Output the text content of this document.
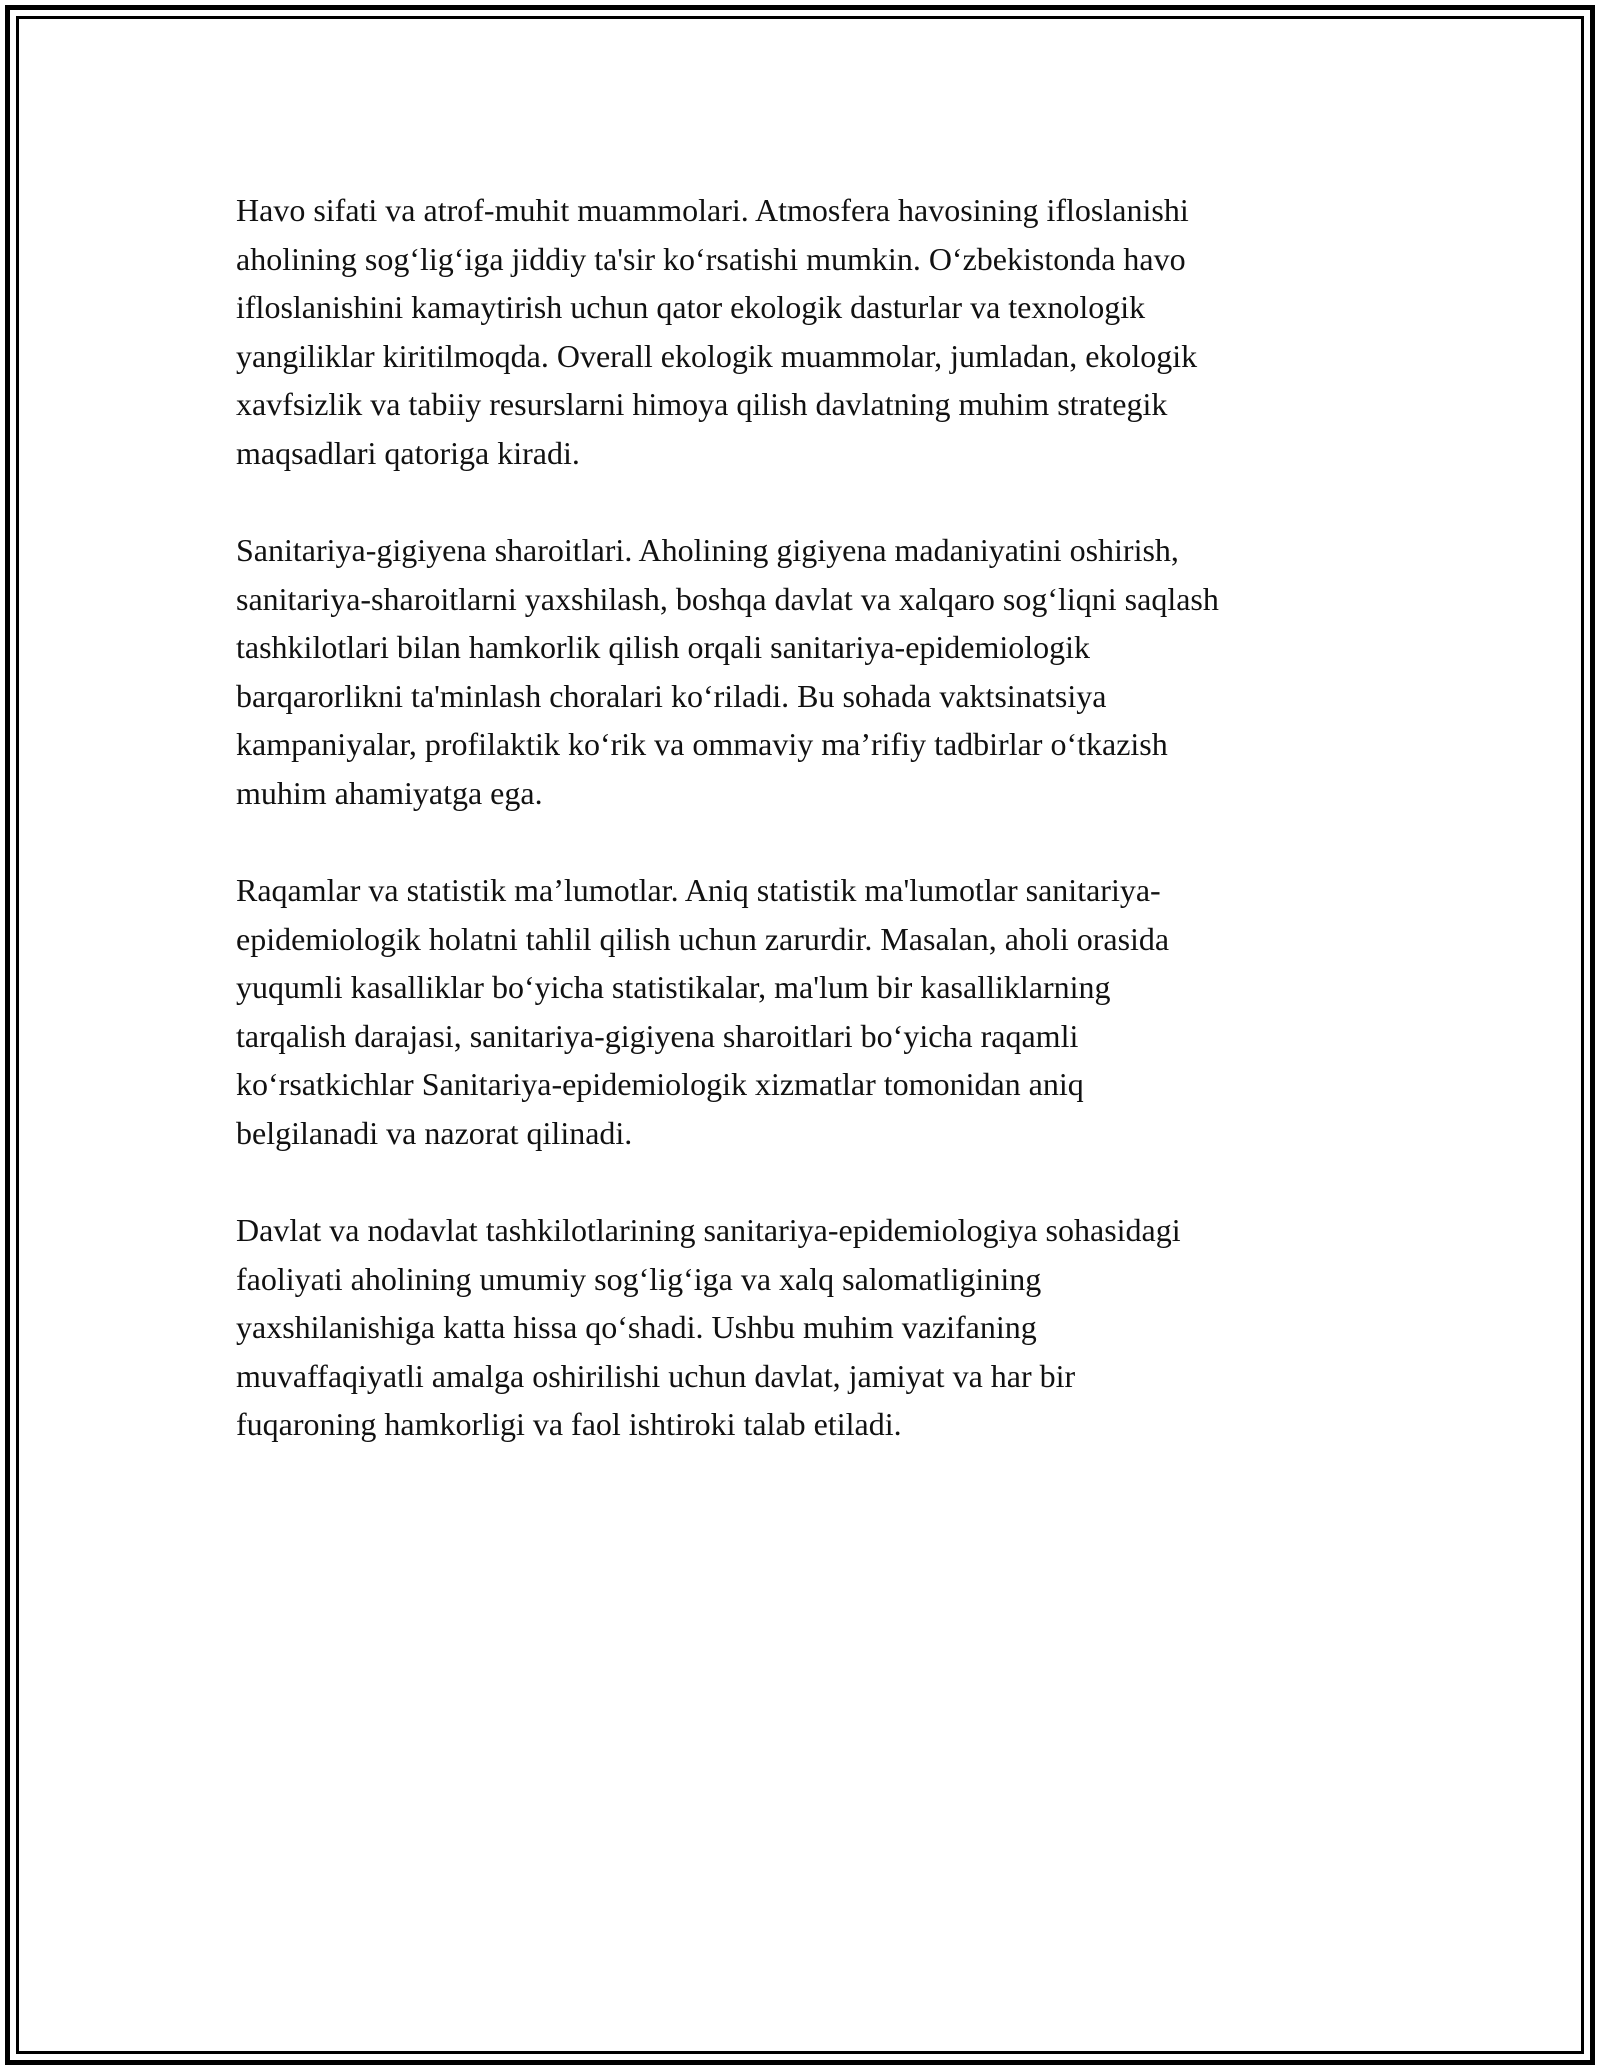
Havo sifati va atrof-muhit muammolari. Atmosfera havosining ifloslanishi
aholining sog‘lig‘iga jiddiy ta'sir ko‘rsatishi mumkin. O‘zbekistonda havo
ifloslanishini kamaytirish uchun qator ekologik dasturlar va texnologik
yangiliklar kiritilmoqda. Overall ekologik muammolar, jumladan, ekologik
xavfsizlik va tabiiy resurslarni himoya qilish davlatning muhim strategik
maqsadlari qatoriga kiradi.

Sanitariya-gigiyena sharoitlari. Aholining gigiyena madaniyatini oshirish,
sanitariya-sharoitlarni yaxshilash, boshqa davlat va xalqaro sog‘liqni saqlash
tashkilotlari bilan hamkorlik qilish orqali sanitariya-epidemiologik
barqarorlikni ta'minlash choralari ko‘riladi. Bu sohada vaktsinatsiya
kampaniyalar, profilaktik ko‘rik va ommaviy ma’rifiy tadbirlar o‘tkazish
muhim ahamiyatga ega.

Raqamlar va statistik ma’lumotlar. Aniq statistik ma'lumotlar sanitariya-
epidemiologik holatni tahlil qilish uchun zarurdir. Masalan, aholi orasida
yuqumli kasalliklar bo‘yicha statistikalar, ma'lum bir kasalliklarning
tarqalish darajasi, sanitariya-gigiyena sharoitlari bo‘yicha raqamli
ko‘rsatkichlar Sanitariya-epidemiologik xizmatlar tomonidan aniq
belgilanadi va nazorat qilinadi.

Davlat va nodavlat tashkilotlarining sanitariya-epidemiologiya sohasidagi
faoliyati aholining umumiy sog‘lig‘iga va xalq salomatligining
yaxshilanishiga katta hissa qo‘shadi. Ushbu muhim vazifaning
muvaffaqiyatli amalga oshirilishi uchun davlat, jamiyat va har bir
fuqaroning hamkorligi va faol ishtiroki talab etiladi.
